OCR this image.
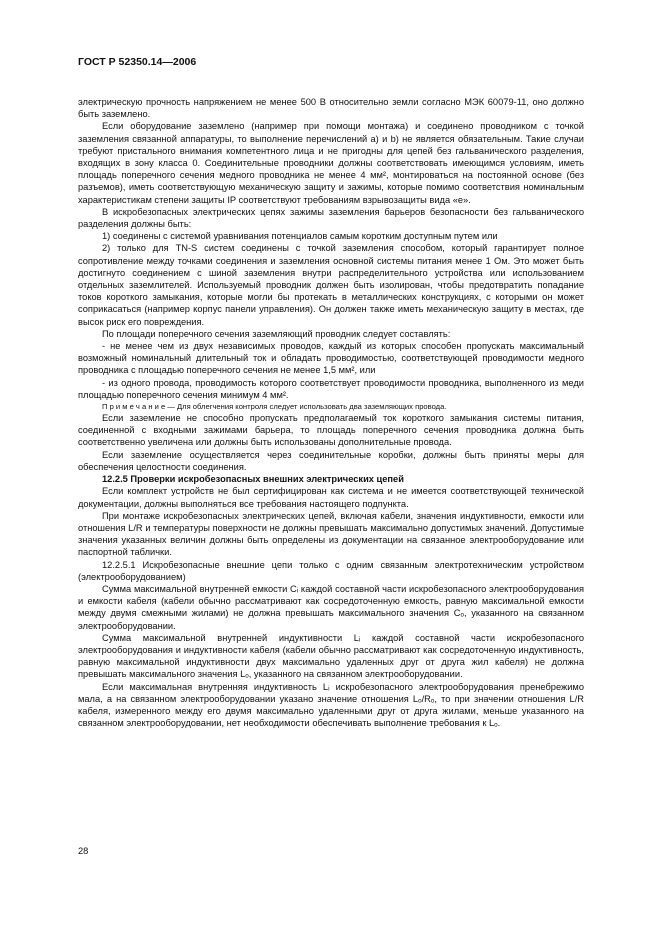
ГОСТ Р 52350.14—2006

электрическую прочность напряжением не менее 500 В относительно земли согласно МЭК 60079-11, оно должно быть заземлено.

Если оборудование заземлено (например при помощи монтажа) и соединено проводником с точкой заземления связанной аппаратуры, то выполнение перечислений а) и b) не является обязательным. Такие случаи требуют пристального внимания компетентного лица и не пригодны для цепей без гальванического разделения, входящих в зону класса 0. Соединительные проводники должны соответствовать имеющимся условиям, иметь площадь поперечного сечения медного проводника не менее 4 мм², монтироваться на постоянной основе (без разъемов), иметь соответствующую механическую защиту и зажимы, которые помимо соответствия номинальным характеристикам степени защиты IP соответствуют требованиям взрывозащиты вида «е».

В искробезопасных электрических цепях зажимы заземления барьеров безопасности без гальванического разделения должны быть:

1) соединены с системой уравнивания потенциалов самым коротким доступным путем или

2) только для TN-S систем соединены с точкой заземления способом, который гарантирует полное сопротивление между точками соединения и заземления основной системы питания менее 1 Ом. Это может быть достигнуто соединением с шиной заземления внутри распределительного устройства или использованием отдельных заземлителей. Используемый проводник должен быть изолирован, чтобы предотвратить попадание токов короткого замыкания, которые могли бы протекать в металлических конструкциях, с которыми он может соприкасаться (например корпус панели управления). Он должен также иметь механическую защиту в местах, где высок риск его повреждения.

По площади поперечного сечения заземляющий проводник следует составлять:

- не менее чем из двух независимых проводов, каждый из которых способен пропускать максимальный возможный номинальный длительный ток и обладать проводимостью, соответствующей проводимости медного проводника с площадью поперечного сечения не менее 1,5 мм², или

- из одного провода, проводимость которого соответствует проводимости проводника, выполненного из меди площадью поперечного сечения минимум 4 мм².

П р и м е ч а н и е — Для облегчения контроля следует использовать два заземляющих провода.

Если заземление не способно пропускать предполагаемый ток короткого замыкания системы питания, соединенной с входными зажимами барьера, то площадь поперечного сечения проводника должна быть соответственно увеличена или должны быть использованы дополнительные провода.

Если заземление осуществляется через соединительные коробки, должны быть приняты меры для обеспечения целостности соединения.

12.2.5 Проверки искробезопасных внешних электрических цепей

Если комплект устройств не был сертифицирован как система и не имеется соответствующей технической документации, должны выполняться все требования настоящего подпункта.

При монтаже искробезопасных электрических цепей, включая кабели, значения индуктивности, емкости или отношения L/R и температуры поверхности не должны превышать максимально допустимых значений. Допустимые значения указанных величин должны быть определены из документации на связанное электрооборудование или паспортной таблички.

12.2.5.1 Искробезопасные внешние цепи только с одним связанным электротехническим устройством (электрооборудованием)

Сумма максимальной внутренней емкости Cᵢ каждой составной части искробезопасного электрооборудования и емкости кабеля (кабели обычно рассматривают как сосредоточенную емкость, равную максимальной емкости между двумя смежными жилами) не должна превышать максимального значения Cₒ, указанного на связанном электрооборудовании.

Сумма максимальной внутренней индуктивности Lᵢ каждой составной части искробезопасного электрооборудования и индуктивности кабеля (кабели обычно рассматривают как сосредоточенную индуктивность, равную максимальной индуктивности двух максимально удаленных друг от друга жил кабеля) не должна превышать максимального значения Lₒ, указанного на связанном электрооборудовании.

Если максимальная внутренняя индуктивность Lᵢ искробезопасного электрооборудования пренебрежимо мала, а на связанном электрооборудовании указано значение отношения Lₒ/Rₒ, то при значении отношения L/R кабеля, измеренного между его двумя максимально удаленными друг от друга жилами, меньше указанного на связанном электрооборудовании, нет необходимости обеспечивать выполнение требования к Lₒ.

28
